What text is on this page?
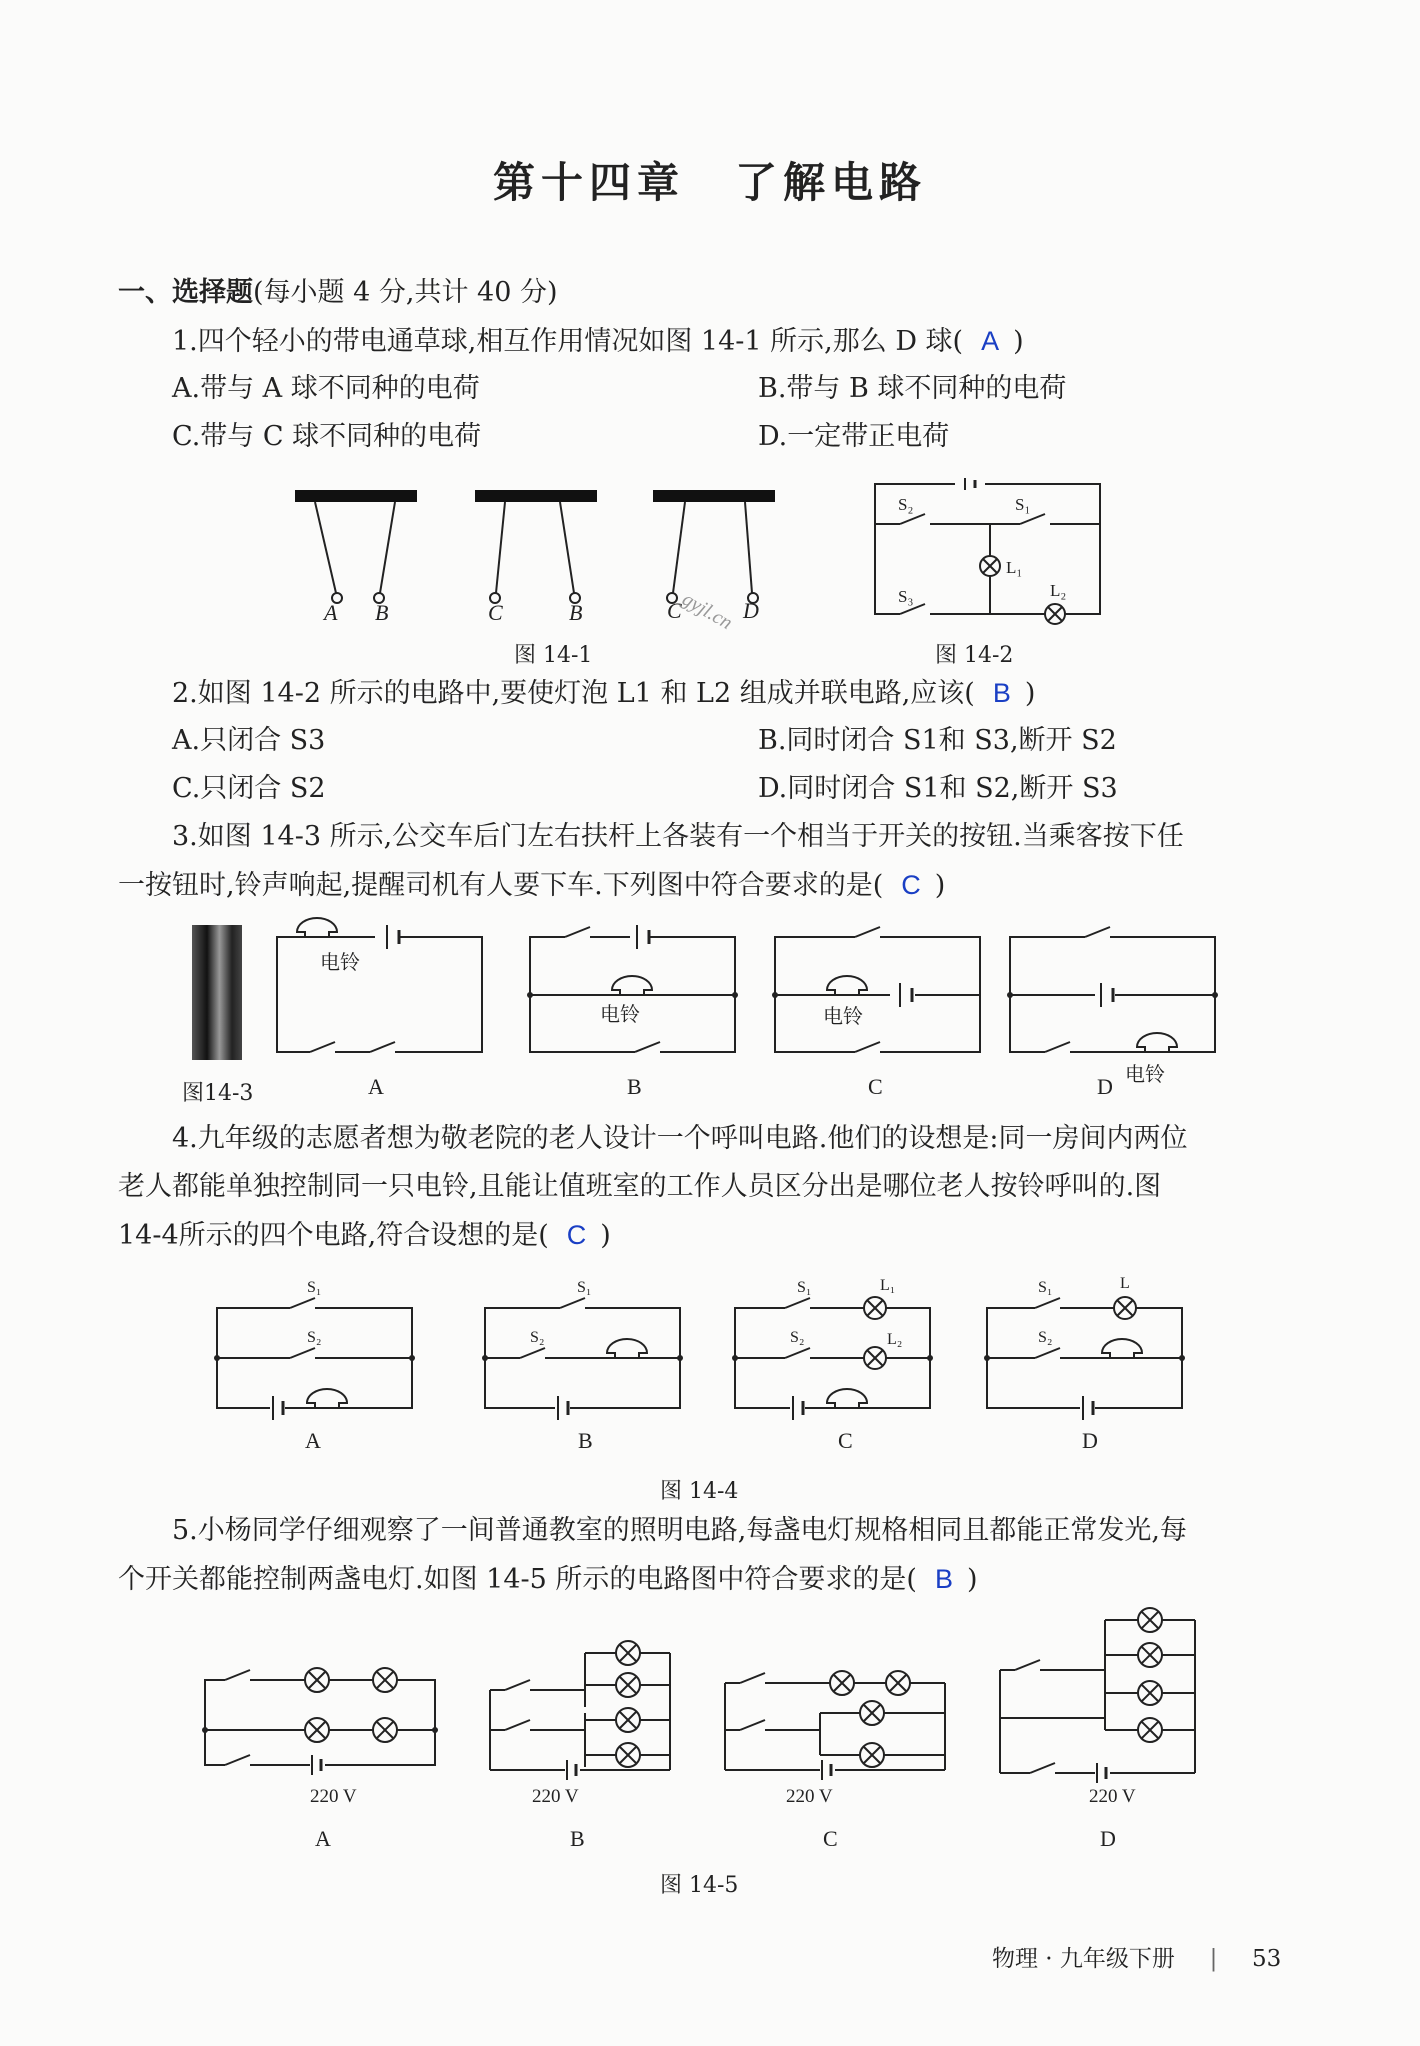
第十四章 了解电路
一、选择题(每小题 4 分,共计 40 分)
1.四个轻小的带电通草球,相互作用情况如图 14-1 所示,那么 D 球( A )
A.带与 A 球不同种的电荷	B.带与 B 球不同种的电荷
C.带与 C 球不同种的电荷	D.一定带正电荷
A B	C	B	C	D
gyjl.cn
图 14-1
S₂	S₁
L₁
S₃	L₂
图 14-2
2.如图 14-2 所示的电路中,要使灯泡 L1 和 L2 组成并联电路,应该( B )
A.只闭合 S3	B.同时闭合 S1和 S3,断开 S2
C.只闭合 S2	D.同时闭合 S1和 S2,断开 S3
3.如图 14-3 所示,公交车后门左右扶杆上各装有一个相当于开关的按钮.当乘客按下任
一按钮时,铃声响起,提醒司机有人要下车.下列图中符合要求的是( C )
图14-3
电铃
电铃	电铃
电铃
A	B	C	D
4.九年级的志愿者想为敬老院的老人设计一个呼叫电路.他们的设想是:同一房间内两位
老人都能单独控制同一只电铃,且能让值班室的工作人员区分出是哪位老人按铃呼叫的.图
14-4所示的四个电路,符合设想的是( C )
S₁
S₂
S₁
S₂
S₁
S₂
L₁
L₂
S₁
S₂
L
A	B	C	D
图 14-4
5.小杨同学仔细观察了一间普通教室的照明电路,每盏电灯规格相同且都能正常发光,每
个开关都能控制两盏电灯.如图 14-5 所示的电路图中符合要求的是( B )
220 V	220 V	220 V	220 V
A	B	C	D
图 14-5
物理 · 九年级下册 | 53
